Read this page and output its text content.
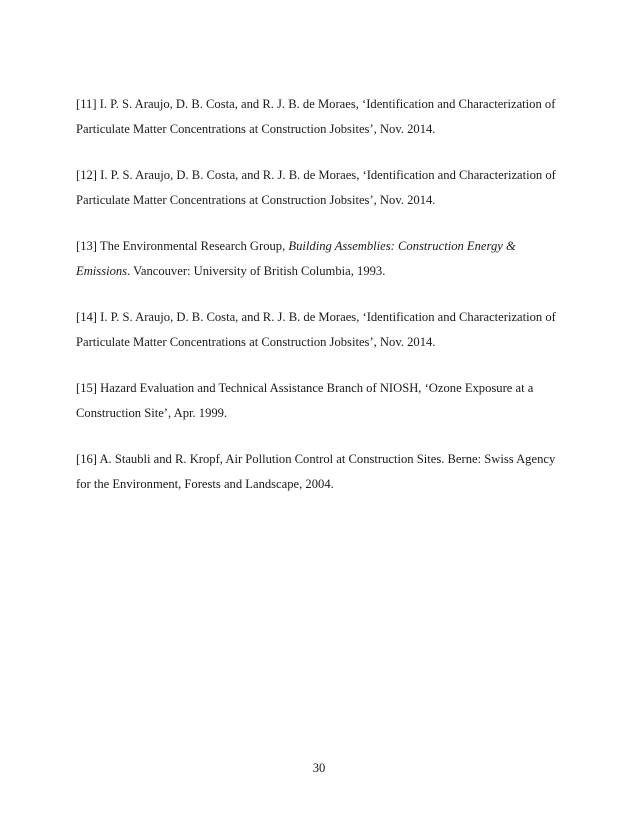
[11] I. P. S. Araujo, D. B. Costa, and R. J. B. de Moraes, ‘Identification and Characterization of Particulate Matter Concentrations at Construction Jobsites’, Nov. 2014.

[12] I. P. S. Araujo, D. B. Costa, and R. J. B. de Moraes, ‘Identification and Characterization of Particulate Matter Concentrations at Construction Jobsites’, Nov. 2014.

[13] The Environmental Research Group, Building Assemblies: Construction Energy & Emissions. Vancouver: University of British Columbia, 1993.

[14] I. P. S. Araujo, D. B. Costa, and R. J. B. de Moraes, ‘Identification and Characterization of Particulate Matter Concentrations at Construction Jobsites’, Nov. 2014.

[15] Hazard Evaluation and Technical Assistance Branch of NIOSH, ‘Ozone Exposure at a Construction Site’, Apr. 1999.

[16] A. Staubli and R. Kropf, Air Pollution Control at Construction Sites. Berne: Swiss Agency for the Environment, Forests and Landscape, 2004.

30
